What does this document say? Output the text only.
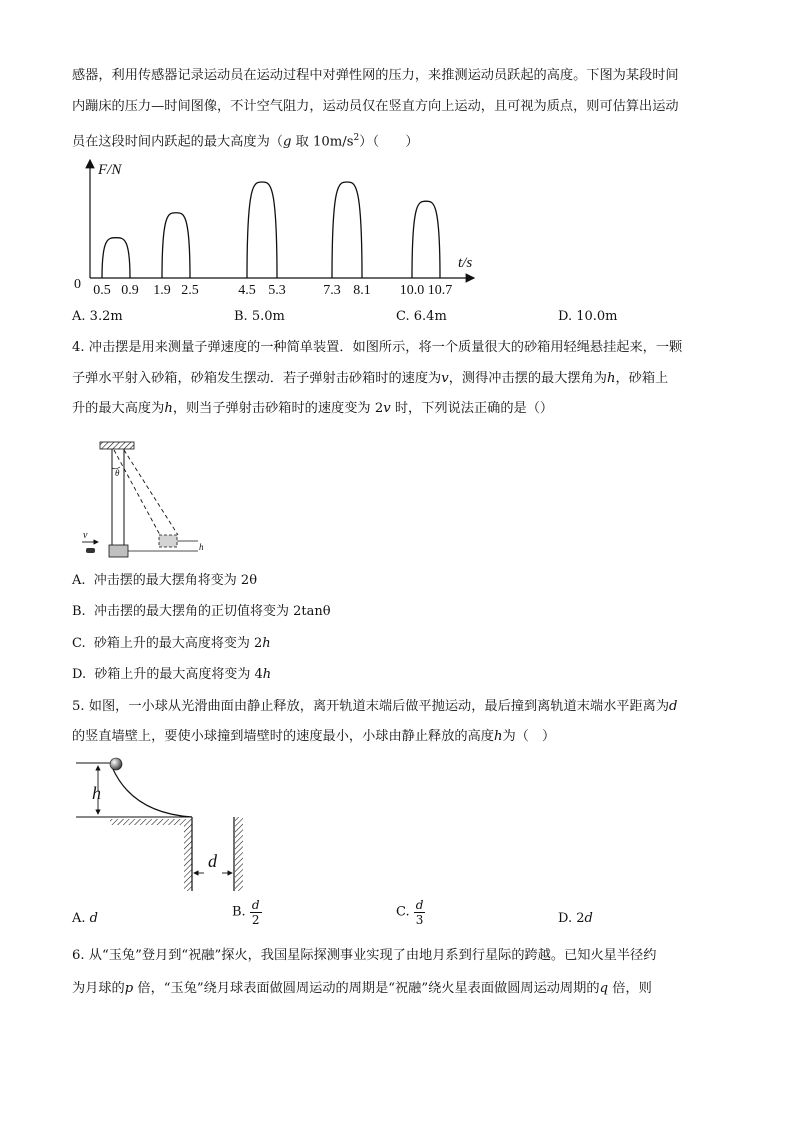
感器，利用传感器记录运动员在运动过程中对弹性网的压力，来推测运动员跃起的高度。下图为某段时间
内蹦床的压力—时间图像，不计空气阻力，运动员仅在竖直方向上运动，且可视为质点，则可估算出运动
员在这段时间内跃起的最大高度为（g 取 $10m/s^2$）（　　）
F/N
t/s
0 0.5 0.9 1.9 2.5	4.5 5.3	7.3 8.1 10.0 10.7
A. 3.2m	B. 5.0m	C. 6.4m	D. 10.0m
4. 冲击摆是用来测量子弹速度的一种简单装置．如图所示，将一个质量很大的砂箱用轻绳悬挂起来，一颗
子弹水平射入砂箱，砂箱发生摆动．若子弹射击砂箱时的速度为v，测得冲击摆的最大摆角为h，砂箱上
升的最大高度为h，则当子弹射击砂箱时的速度变为 2v 时，下列说法正确的是（）
θ
h
v
A. 冲击摆的最大摆角将变为 2θ
B. 冲击摆的最大摆角的正切值将变为 2tanθ
C. 砂箱上升的最大高度将变为 2h
D. 砂箱上升的最大高度将变为 4h
5. 如图，一小球从光滑曲面由静止释放，离开轨道末端后做平抛运动，最后撞到离轨道末端水平距离为d
的竖直墙壁上，要使小球撞到墙壁时的速度最小，小球由静止释放的高度h为（　）
h
d
A. d	B. $\frac{d}{2}$	C. $\frac{d}{3}$	D. 2d
6. 从“玉兔”登月到“祝融”探火，我国星际探测事业实现了由地月系到行星际的跨越。已知火星半径约
为月球的p 倍，“玉兔”绕月球表面做圆周运动的周期是“祝融”绕火星表面做圆周运动周期的q 倍，则
